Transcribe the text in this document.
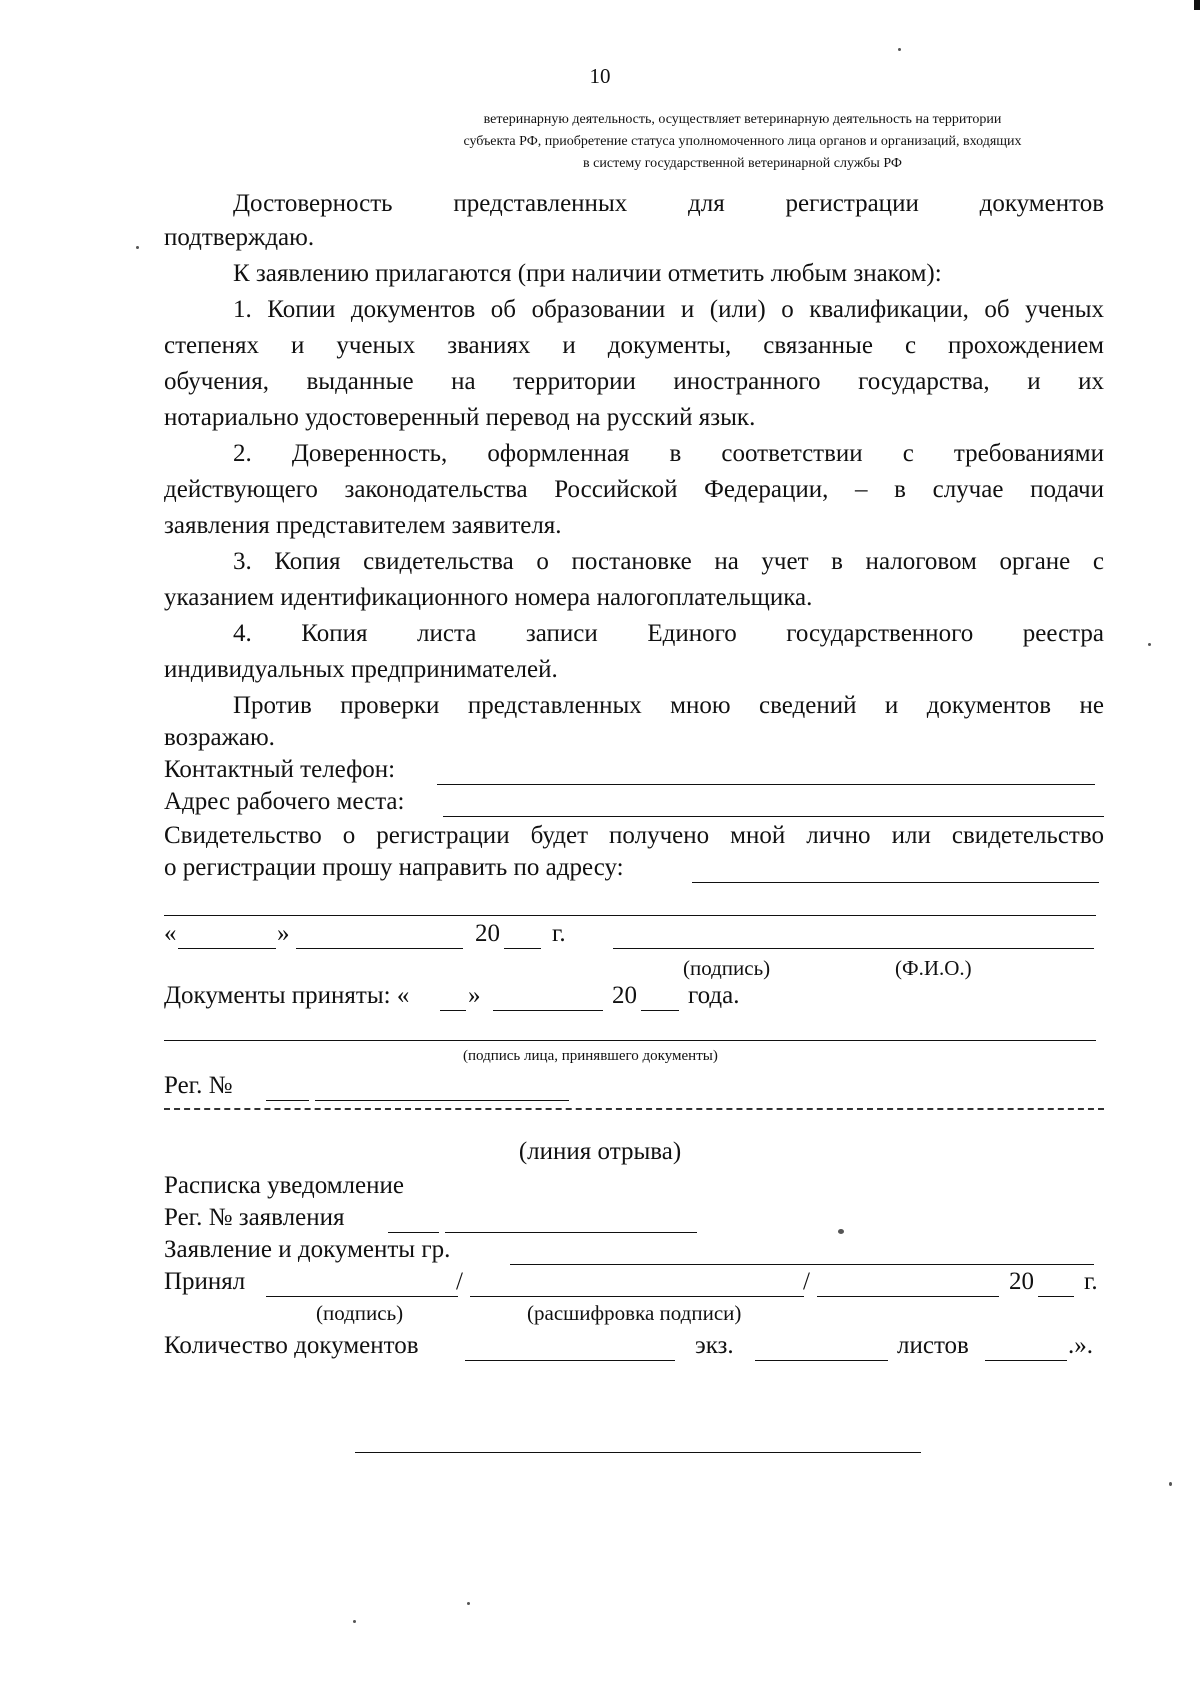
10
ветеринарную деятельность, осуществляет ветеринарную деятельность на территории
субъекта РФ, приобретение статуса уполномоченного лица органов и организаций, входящих
в систему государственной ветеринарной службы РФ
Достоверность представленных для регистрации документов
подтверждаю.
К заявлению прилагаются (при наличии отметить любым знаком):
1. Копии документов об образовании и (или) о квалификации, об ученых
степенях и ученых званиях и документы, связанные с прохождением
обучения, выданные на территории иностранного государства, и их
нотариально удостоверенный перевод на русский язык.
2. Доверенность, оформленная в соответствии с требованиями
действующего законодательства Российской Федерации, – в случае подачи
заявления представителем заявителя.
3. Копия свидетельства о постановке на учет в налоговом органе с
указанием идентификационного номера налогоплательщика.
4. Копия листа записи Единого государственного реестра
индивидуальных предпринимателей.
Против проверки представленных мною сведений и документов не
возражаю.
Контактный телефон:
Адрес рабочего места:
Свидетельство о регистрации будет получено мной лично или свидетельство
о регистрации прошу направить по адресу:
«	»	20 г.
(подпись)	(Ф.И.О.)
Документы приняты: « »	20 года.
(подпись лица, принявшего документы)
Рег. №
(линия отрыва)
Расписка уведомление
Рег. № заявления
Заявление и документы гр.
Принял	/	/	20 г.
(подпись)	(расшифровка подписи)
Количество документов	экз.	листов	.».
